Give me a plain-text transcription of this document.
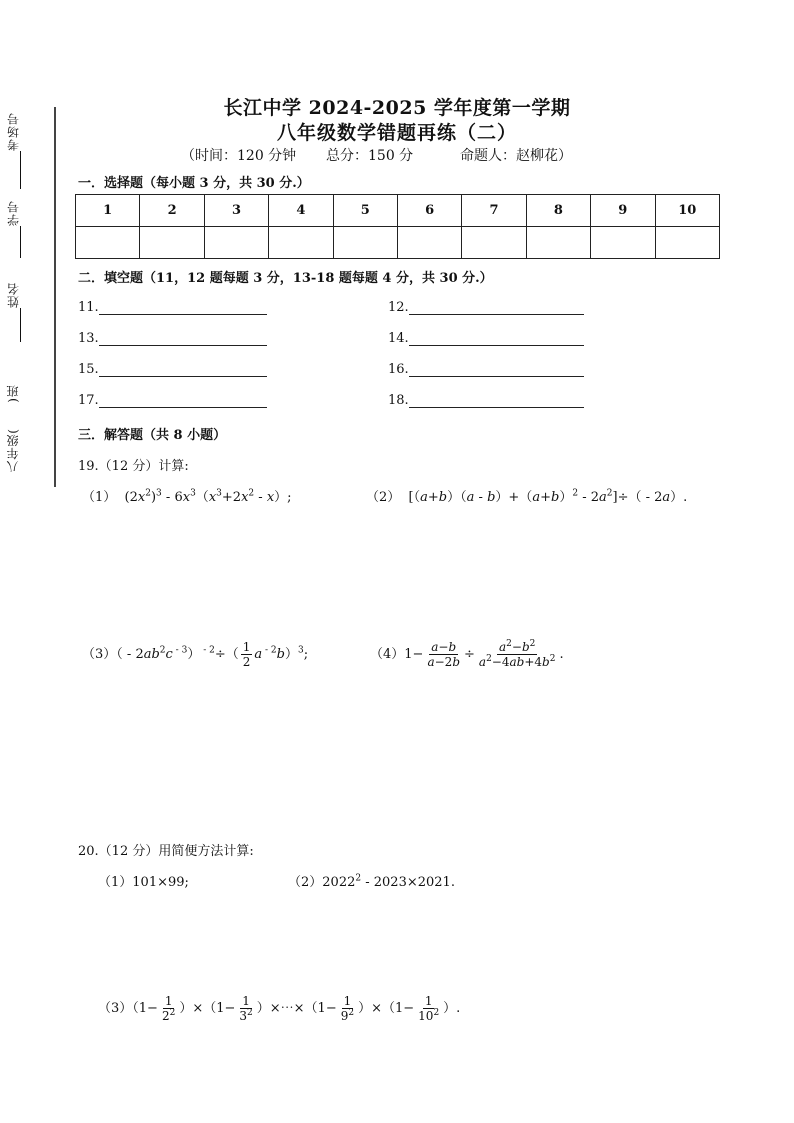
考场号
学号
姓名
)班
八年级(
长江中学 2024-2025 学年度第一学期
八年级数学错题再练（二）
（时间：120 分钟 总分：150 分	命题人：赵柳花）
一．选择题（每小题 3 分，共 30 分.）
1	2	3	4	5	6	7	8	9	10

二．填空题（11，12 题每题 3 分，13-18 题每题 4 分，共 30 分.）
11.	12.
13.	14.
15.	16.
17.	18.
三．解答题（共 8 小题）
19.（12 分）计算:
（1）  $(2x^2)^3 - 6x^3(x^3+2x^2 - x)$;	（2）  $[(a+b)(a - b)+(a+b)^2 - 2a^2]\div( - 2a)$.
$(3)( - 2ab^2c$ $^{- 3}$） $^{- 2}\div( \frac{1}{2}$ a $^{- 2}$b）$^3$;	$(4)1- \frac{a-b}{a-2b} \div \frac{a^2-b^2}{a^2-4ab+4b^2}$ .
20.（12 分）用简便方法计算:
（1）101×99;	（2）2022$^2$ - 2023×2021.
$(3)(1- \frac{1}{2^2} )\times(1- \frac{1}{3^2}$ ）×⋯×（1− $\frac{1}{9^2} )\times(1- \frac{1}{10^2}$ ）.
